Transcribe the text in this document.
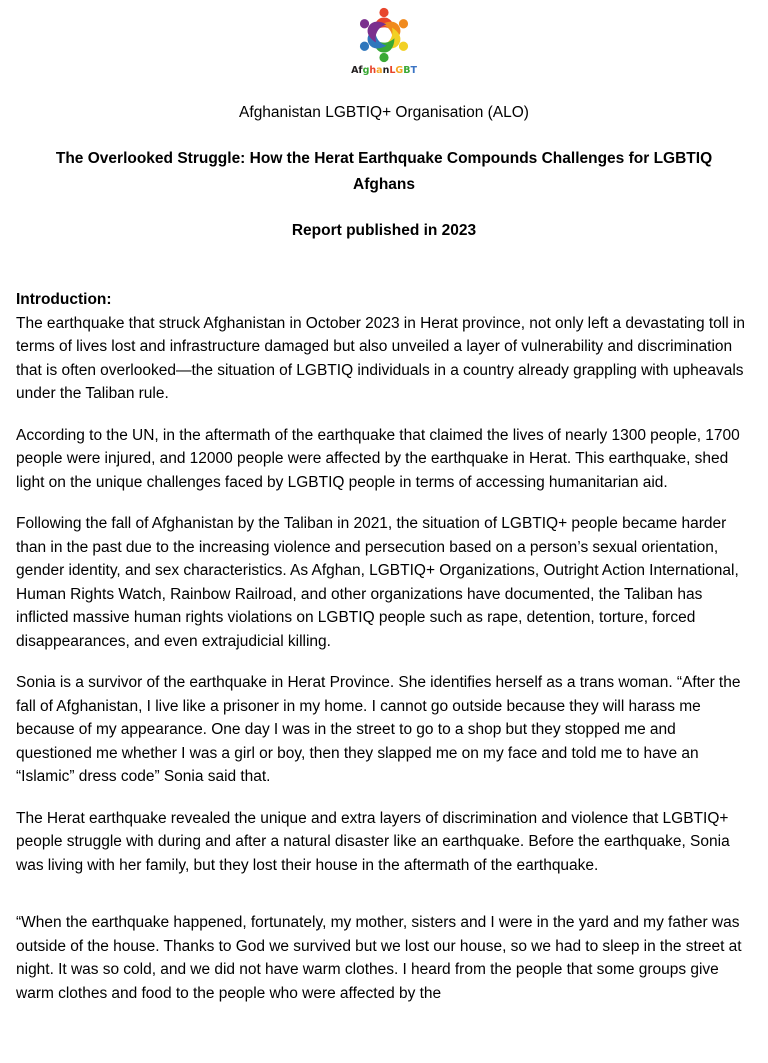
AfghanLGBT
Afghanistan LGBTIQ+ Organisation (ALO)
The Overlooked Struggle: How the Herat Earthquake Compounds Challenges for LGBTIQ Afghans
Report published in 2023

Introduction:

The earthquake that struck Afghanistan in October 2023 in Herat province, not only left a devastating toll in terms of lives lost and infrastructure damaged but also unveiled a layer of vulnerability and discrimination that is often overlooked—the situation of LGBTIQ individuals in a country already grappling with upheavals under the Taliban rule.

According to the UN, in the aftermath of the earthquake that claimed the lives of nearly 1300 people, 1700 people were injured, and 12000 people were affected by the earthquake in Herat. This earthquake, shed light on the unique challenges faced by LGBTIQ people in terms of accessing humanitarian aid.

Following the fall of Afghanistan by the Taliban in 2021, the situation of LGBTIQ+ people became harder than in the past due to the increasing violence and persecution based on a person’s sexual orientation, gender identity, and sex characteristics. As Afghan, LGBTIQ+ Organizations, Outright Action International, Human Rights Watch, Rainbow Railroad, and other organizations have documented, the Taliban has inflicted massive human rights violations on LGBTIQ people such as rape, detention, torture, forced disappearances, and even extrajudicial killing.

Sonia is a survivor of the earthquake in Herat Province. She identifies herself as a trans woman. “After the fall of Afghanistan, I live like a prisoner in my home. I cannot go outside because they will harass me because of my appearance. One day I was in the street to go to a shop but they stopped me and questioned me whether I was a girl or boy, then they slapped me on my face and told me to have an “Islamic” dress code” Sonia said that.

The Herat earthquake revealed the unique and extra layers of discrimination and violence that LGBTIQ+ people struggle with during and after a natural disaster like an earthquake. Before the earthquake, Sonia was living with her family, but they lost their house in the aftermath of the earthquake.

“When the earthquake happened, fortunately, my mother, sisters and I were in the yard and my father was outside of the house. Thanks to God we survived but we lost our house, so we had to sleep in the street at night. It was so cold, and we did not have warm clothes. I heard from the people that some groups give warm clothes and food to the people who were affected by the
